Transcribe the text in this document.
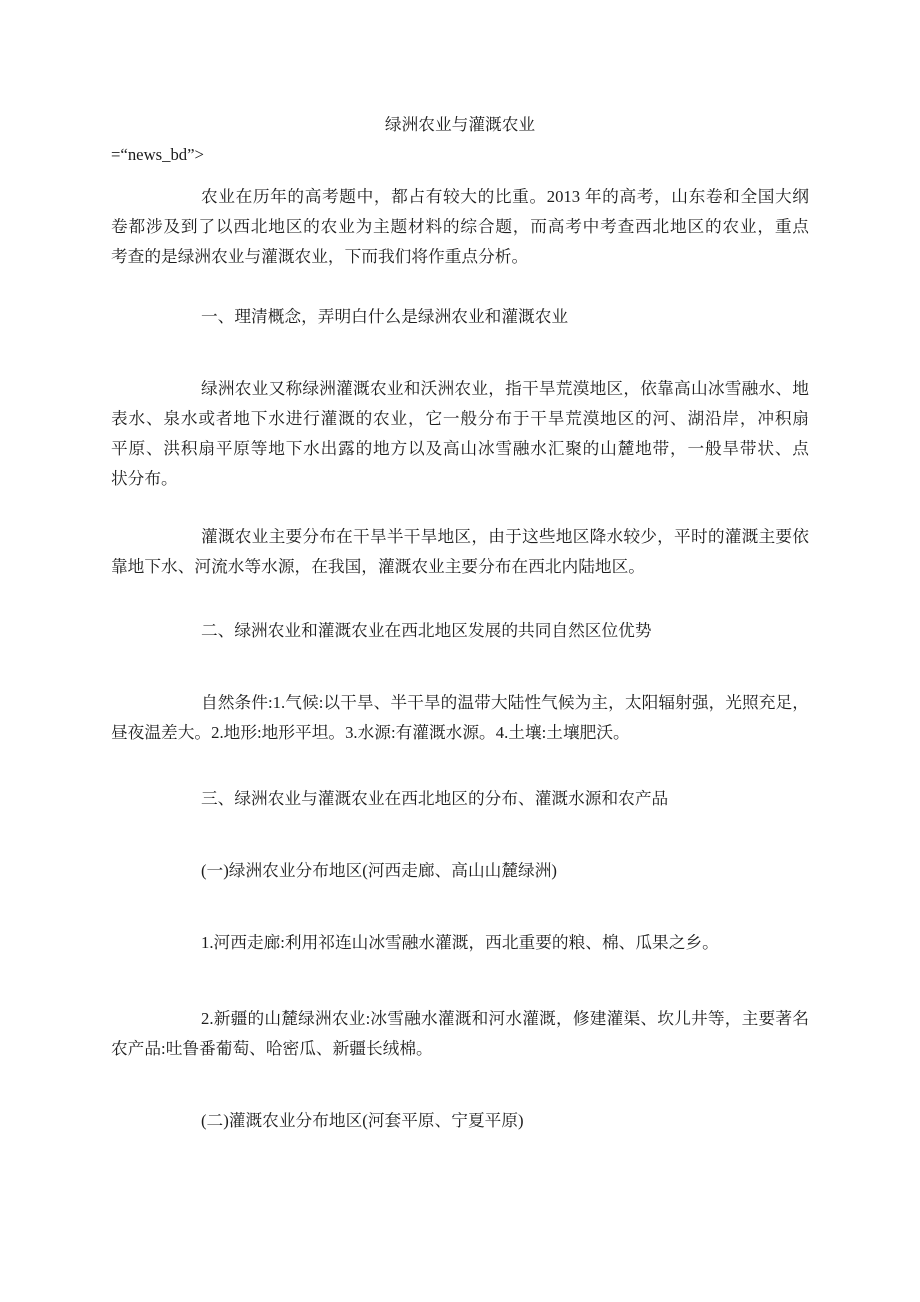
绿洲农业与灌溉农业
=“news_bd”>
农业在历年的高考题中，都占有较大的比重。2013 年的高考，山东卷和全国大纲
卷都涉及到了以西北地区的农业为主题材料的综合题，而高考中考查西北地区的农业，重点
考查的是绿洲农业与灌溉农业，下而我们将作重点分析。
一、理清概念，弄明白什么是绿洲农业和灌溉农业
绿洲农业又称绿洲灌溉农业和沃洲农业，指干旱荒漠地区，依靠高山冰雪融水、地
表水、泉水或者地下水进行灌溉的农业，它一般分布于干旱荒漠地区的河、湖沿岸，冲积扇
平原、洪积扇平原等地下水出露的地方以及高山冰雪融水汇聚的山麓地带，一般旱带状、点
状分布。
灌溉农业主要分布在干旱半干旱地区，由于这些地区降水较少，平时的灌溉主要依
靠地下水、河流水等水源，在我国，灌溉农业主要分布在西北内陆地区。
二、绿洲农业和灌溉农业在西北地区发展的共同自然区位优势
自然条件:1.气候:以干旱、半干旱的温带大陆性气候为主，太阳辐射强，光照充足，
昼夜温差大。2.地形:地形平坦。3.水源:有灌溉水源。4.土壤:土壤肥沃。
三、绿洲农业与灌溉农业在西北地区的分布、灌溉水源和农产品
(一)绿洲农业分布地区(河西走廊、高山山麓绿洲)
1.河西走廊:利用祁连山冰雪融水灌溉，西北重要的粮、棉、瓜果之乡。
2.新疆的山麓绿洲农业:冰雪融水灌溉和河水灌溉，修建灌渠、坎儿井等，主要著名
农产品:吐鲁番葡萄、哈密瓜、新疆长绒棉。
(二)灌溉农业分布地区(河套平原、宁夏平原)
